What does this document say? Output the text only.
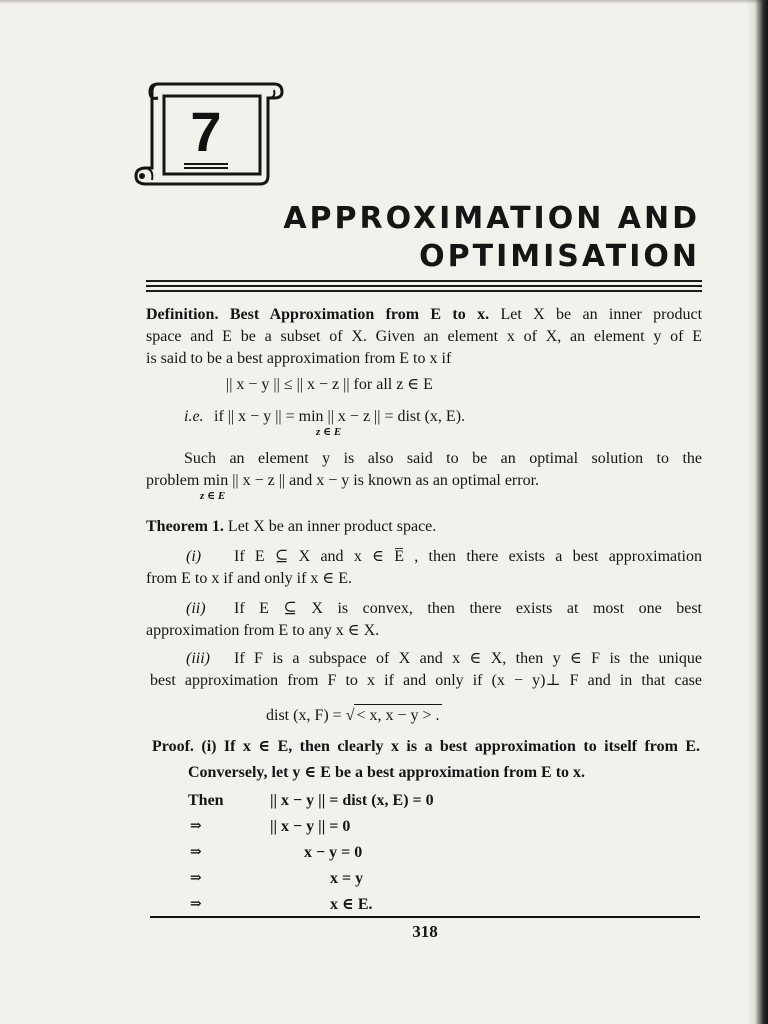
7
APPROXIMATION AND
OPTIMISATION
Definition. Best Approximation from E to x. Let X be an inner product
space and E be a subset of X. Given an element x of X, an element y of E
is said to be a best approximation from E to x if
|| x − y || ≤ || x − z || for all z ∈ E
i.e. if || x − y || = min || x − z || = dist (x, E).
z ∈ E
Such an element y is also said to be an optimal solution to the
problem min || x − z || and x − y is known as an optimal error.
z ∈ E
Theorem 1. Let X be an inner product space.
(i) If E ⊆ X and x ∈ E̅ , then there exists a best approximation
from E to x if and only if x ∈ E.
(ii) If E ⊆ X is convex, then there exists at most one best
approximation from E to any x ∈ X.
(iii) If F is a subspace of X and x ∈ X, then y ∈ F is the unique
best approximation from F to x if and only if (x − y)⊥ F and in that case
dist (x, F) = √ < x, x − y > .
Proof. (i) If x ∈ E, then clearly x is a best approximation to itself from E.
Conversely, let y ∈ E be a best approximation from E to x.
Then	|| x − y || = dist (x, E) = 0
⇒	|| x − y || = 0
⇒	x − y = 0
⇒	x = y
⇒	x ∈ E.
318
